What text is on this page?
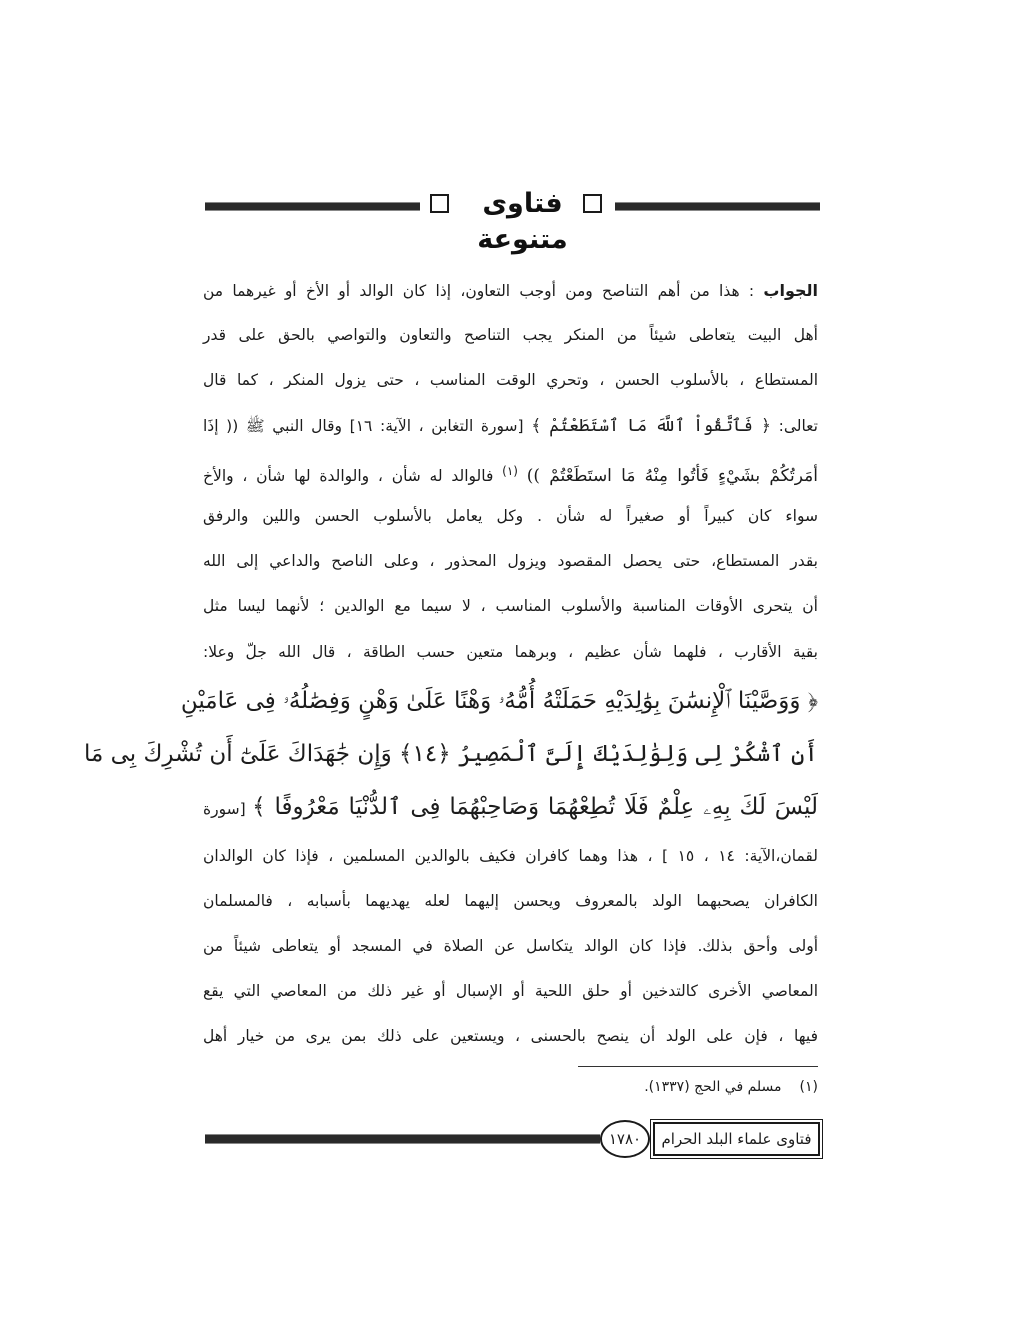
فتاوى متنوعة
الجواب : هذا من أهم التناصح ومن أوجب التعاون، إذا كان الوالد أو الأخ أو غيرهما من
أهل البيت يتعاطى شيئاً من المنكر يجب التناصح والتعاون والتواصي بالحق على قدر
المستطاع ، بالأسلوب الحسن ، وتحري الوقت المناسب ، حتى يزول المنكر ، كما قال
تعالى: ﴿ فَٱتَّقُواْ ٱللَّهَ مَا ٱسْتَطَعْتُمْ ﴾ [سورة التغابن ، الآية: ١٦] وقال النبي ﷺ (( إذَا
أمَرتُكُمْ بشَيْءٍ فَأتُوا مِنْهُ مَا استَطَعْتُمْ )) $^{(١)}$ فالوالد له شأن ، والوالدة لها شأن ، والأخ
سواء كان كبيراً أو صغيراً له شأن . وكل يعامل بالأسلوب الحسن واللين والرفق
بقدر المستطاع، حتى يحصل المقصود ويزول المحذور ، وعلى الناصح والداعي إلى الله
أن يتحرى الأوقات المناسبة والأسلوب المناسب ، لا سيما مع الوالدين ؛ لأنهما ليسا مثل
بقية الأقارب ، فلهما شأن عظيم ، وبرهما متعين حسب الطاقة ، قال الله جلّ وعلا:
﴿ وَوَصَّيْنَا ٱلْإِنسَٰنَ بِوَٰلِدَيْهِ حَمَلَتْهُ أُمُّهُۥ وَهْنًا عَلَىٰ وَهْنٍ وَفِصَٰلُهُۥ فِى عَامَيْنِ
أَنِ ٱشْكُرْ لِى وَلِوَٰلِدَيْكَ إِلَىَّ ٱلْمَصِيرُ ﴿١٤﴾ وَإِن جَٰهَدَاكَ عَلَىٰٓ أَن تُشْرِكَ بِى مَا
لَيْسَ لَكَ بِهِۦ عِلْمٌ فَلَا تُطِعْهُمَا وَصَاحِبْهُمَا فِى ٱلدُّنْيَا مَعْرُوفًا ﴾ [سورة
لقمان،الآية: ١٤ ، ١٥ ] ، هذا وهما كافران فكيف بالوالدين المسلمين ، فإذا كان الوالدان
الكافران يصحبهما الولد بالمعروف ويحسن إليهما لعله يهديهما بأسبابه ، فالمسلمان
أولى وأحق بذلك. فإذا كان الوالد يتكاسل عن الصلاة في المسجد أو يتعاطى شيئاً من
المعاصي الأخرى كالتدخين أو حلق اللحية أو الإسبال أو غير ذلك من المعاصي التي يقع
فيها ، فإن على الولد أن ينصح بالحسنى ، ويستعين على ذلك بمن يرى من خيار أهل
(١)مسلم في الحج (١٣٣٧).
فتاوى علماء البلد الحرام
١٧٨٠
